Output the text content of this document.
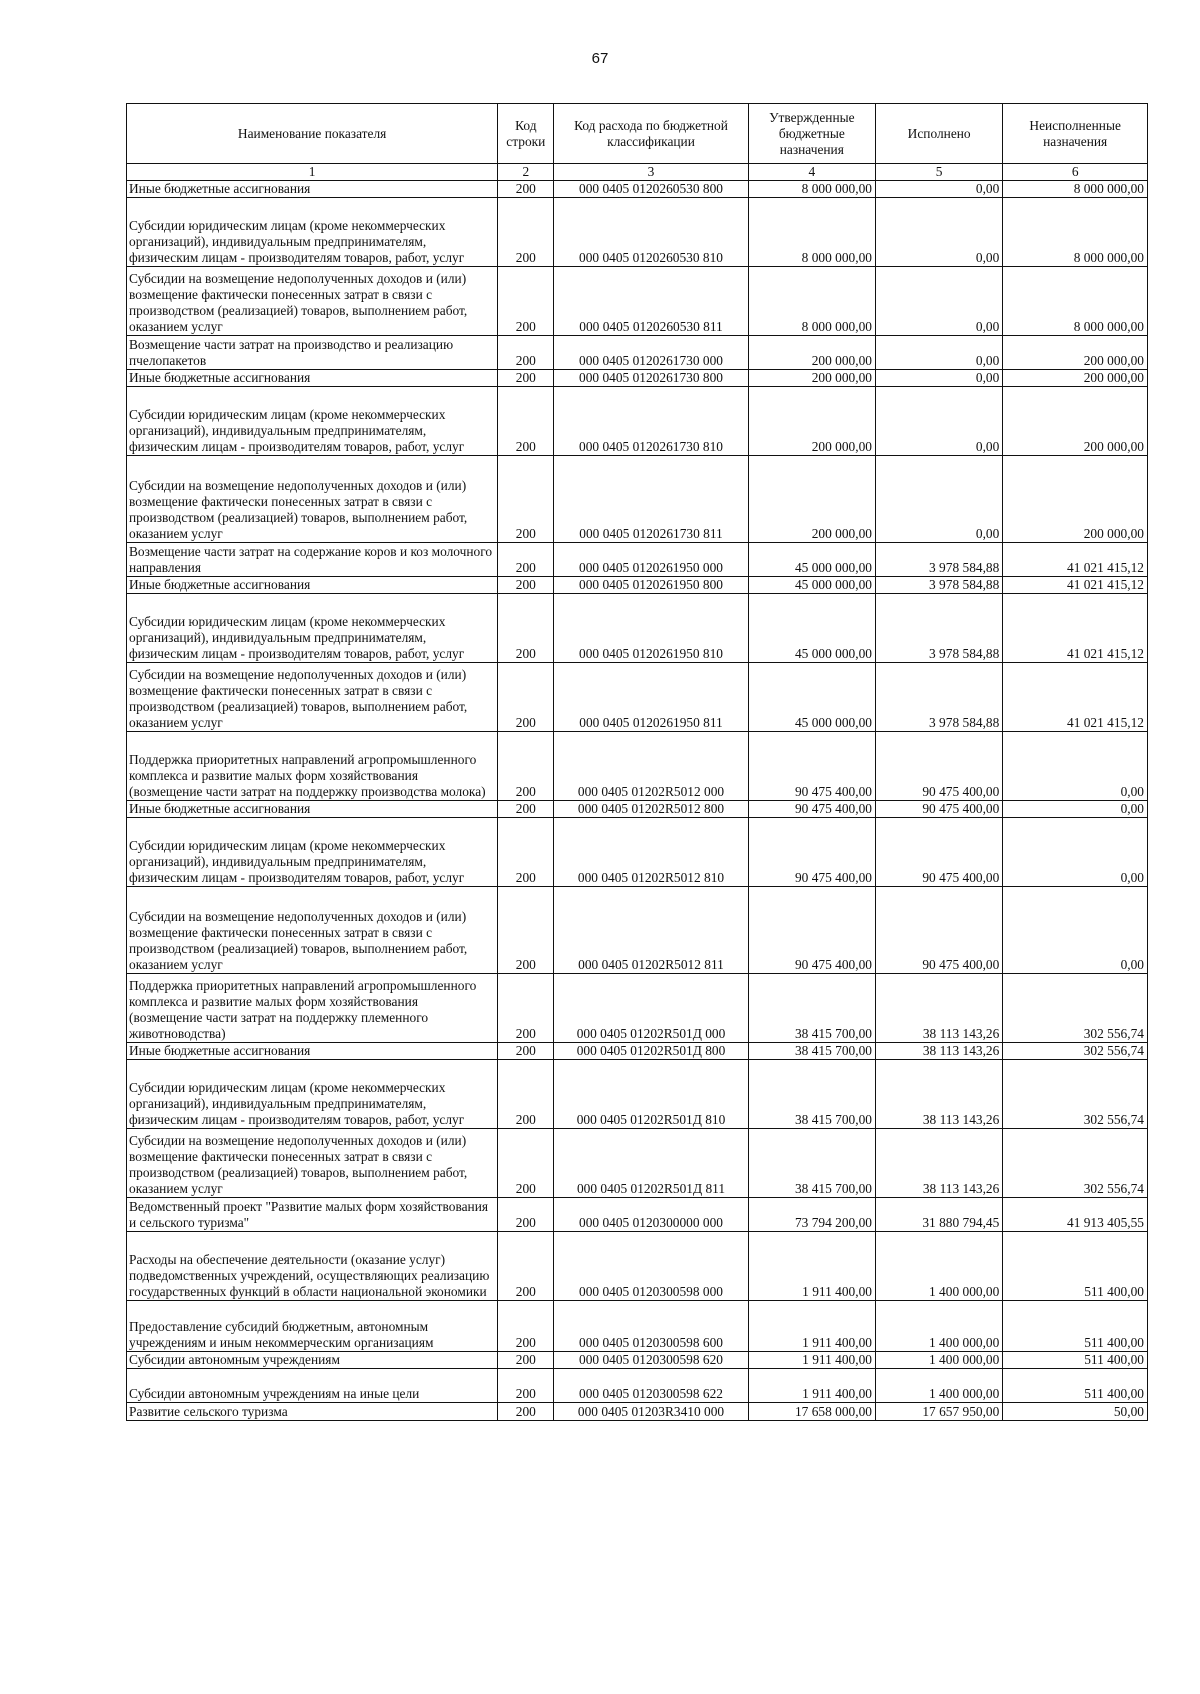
67
Наименование показателя	Код строки	Код расхода по бюджетной классификации	Утвержденные бюджетные назначения	Исполнено	Неисполненные назначения
1	2	3	4	5	6
Иные бюджетные ассигнования	200	000 0405 0120260530 800	8 000 000,00	0,00	8 000 000,00
Субсидии юридическим лицам (кроме некоммерческих организаций), индивидуальным предпринимателям, физическим лицам - производителям товаров, работ, услуг	200	000 0405 0120260530 810	8 000 000,00	0,00	8 000 000,00
Субсидии на возмещение недополученных доходов и (или) возмещение фактически понесенных затрат в связи с производством (реализацией) товаров, выполнением работ, оказанием услуг	200	000 0405 0120260530 811	8 000 000,00	0,00	8 000 000,00
Возмещение части затрат на производство и реализацию пчелопакетов	200	000 0405 0120261730 000	200 000,00	0,00	200 000,00
Иные бюджетные ассигнования	200	000 0405 0120261730 800	200 000,00	0,00	200 000,00
Субсидии юридическим лицам (кроме некоммерческих организаций), индивидуальным предпринимателям, физическим лицам - производителям товаров, работ, услуг	200	000 0405 0120261730 810	200 000,00	0,00	200 000,00
Субсидии на возмещение недополученных доходов и (или) возмещение фактически понесенных затрат в связи с производством (реализацией) товаров, выполнением работ, оказанием услуг	200	000 0405 0120261730 811	200 000,00	0,00	200 000,00
Возмещение части затрат на содержание коров и коз молочного направления	200	000 0405 0120261950 000	45 000 000,00	3 978 584,88	41 021 415,12
Иные бюджетные ассигнования	200	000 0405 0120261950 800	45 000 000,00	3 978 584,88	41 021 415,12
Субсидии юридическим лицам (кроме некоммерческих организаций), индивидуальным предпринимателям, физическим лицам - производителям товаров, работ, услуг	200	000 0405 0120261950 810	45 000 000,00	3 978 584,88	41 021 415,12
Субсидии на возмещение недополученных доходов и (или) возмещение фактически понесенных затрат в связи с производством (реализацией) товаров, выполнением работ, оказанием услуг	200	000 0405 0120261950 811	45 000 000,00	3 978 584,88	41 021 415,12
Поддержка приоритетных направлений агропромышленного комплекса и развитие малых форм хозяйствования (возмещение части затрат на поддержку производства молока)	200	000 0405 01202R5012 000	90 475 400,00	90 475 400,00	0,00
Иные бюджетные ассигнования	200	000 0405 01202R5012 800	90 475 400,00	90 475 400,00	0,00
Субсидии юридическим лицам (кроме некоммерческих организаций), индивидуальным предпринимателям, физическим лицам - производителям товаров, работ, услуг	200	000 0405 01202R5012 810	90 475 400,00	90 475 400,00	0,00
Субсидии на возмещение недополученных доходов и (или) возмещение фактически понесенных затрат в связи с производством (реализацией) товаров, выполнением работ, оказанием услуг	200	000 0405 01202R5012 811	90 475 400,00	90 475 400,00	0,00
Поддержка приоритетных направлений агропромышленного комплекса и развитие малых форм хозяйствования (возмещение части затрат на поддержку племенного животноводства)	200	000 0405 01202R501Д 000	38 415 700,00	38 113 143,26	302 556,74
Иные бюджетные ассигнования	200	000 0405 01202R501Д 800	38 415 700,00	38 113 143,26	302 556,74
Субсидии юридическим лицам (кроме некоммерческих организаций), индивидуальным предпринимателям, физическим лицам - производителям товаров, работ, услуг	200	000 0405 01202R501Д 810	38 415 700,00	38 113 143,26	302 556,74
Субсидии на возмещение недополученных доходов и (или) возмещение фактически понесенных затрат в связи с производством (реализацией) товаров, выполнением работ, оказанием услуг	200	000 0405 01202R501Д 811	38 415 700,00	38 113 143,26	302 556,74
Ведомственный проект "Развитие малых форм хозяйствования и сельского туризма"	200	000 0405 0120300000 000	73 794 200,00	31 880 794,45	41 913 405,55
Расходы на обеспечение деятельности (оказание услуг) подведомственных учреждений, осуществляющих реализацию государственных функций в области национальной экономики	200	000 0405 0120300598 000	1 911 400,00	1 400 000,00	511 400,00
Предоставление субсидий бюджетным, автономным учреждениям и иным некоммерческим организациям	200	000 0405 0120300598 600	1 911 400,00	1 400 000,00	511 400,00
Субсидии автономным учреждениям	200	000 0405 0120300598 620	1 911 400,00	1 400 000,00	511 400,00
Субсидии автономным учреждениям на иные цели	200	000 0405 0120300598 622	1 911 400,00	1 400 000,00	511 400,00
Развитие сельского туризма	200	000 0405 01203R3410 000	17 658 000,00	17 657 950,00	50,00
